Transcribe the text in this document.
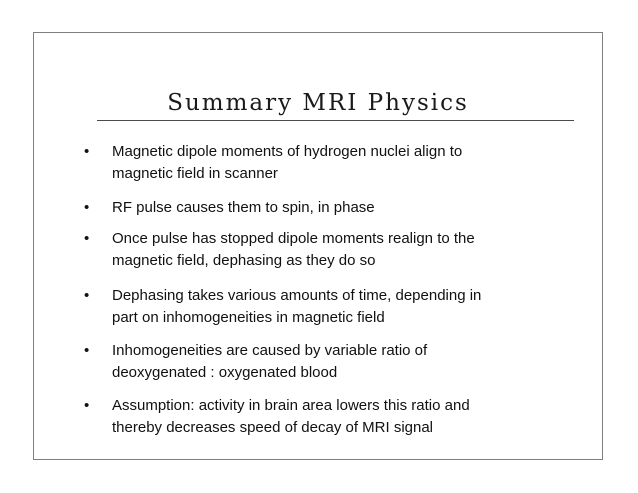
Summary MRI Physics
•	Magnetic dipole moments of hydrogen nuclei align to
magnetic field in scanner
•	RF pulse causes them to spin, in phase
•	Once pulse has stopped dipole moments realign to the
magnetic field, dephasing as they do so
•	Dephasing takes various amounts of time, depending in
part on inhomogeneities in magnetic field
•	Inhomogeneities are caused by variable ratio of
deoxygenated : oxygenated blood
•	Assumption: activity in brain area lowers this ratio and
thereby decreases speed of decay of MRI signal
